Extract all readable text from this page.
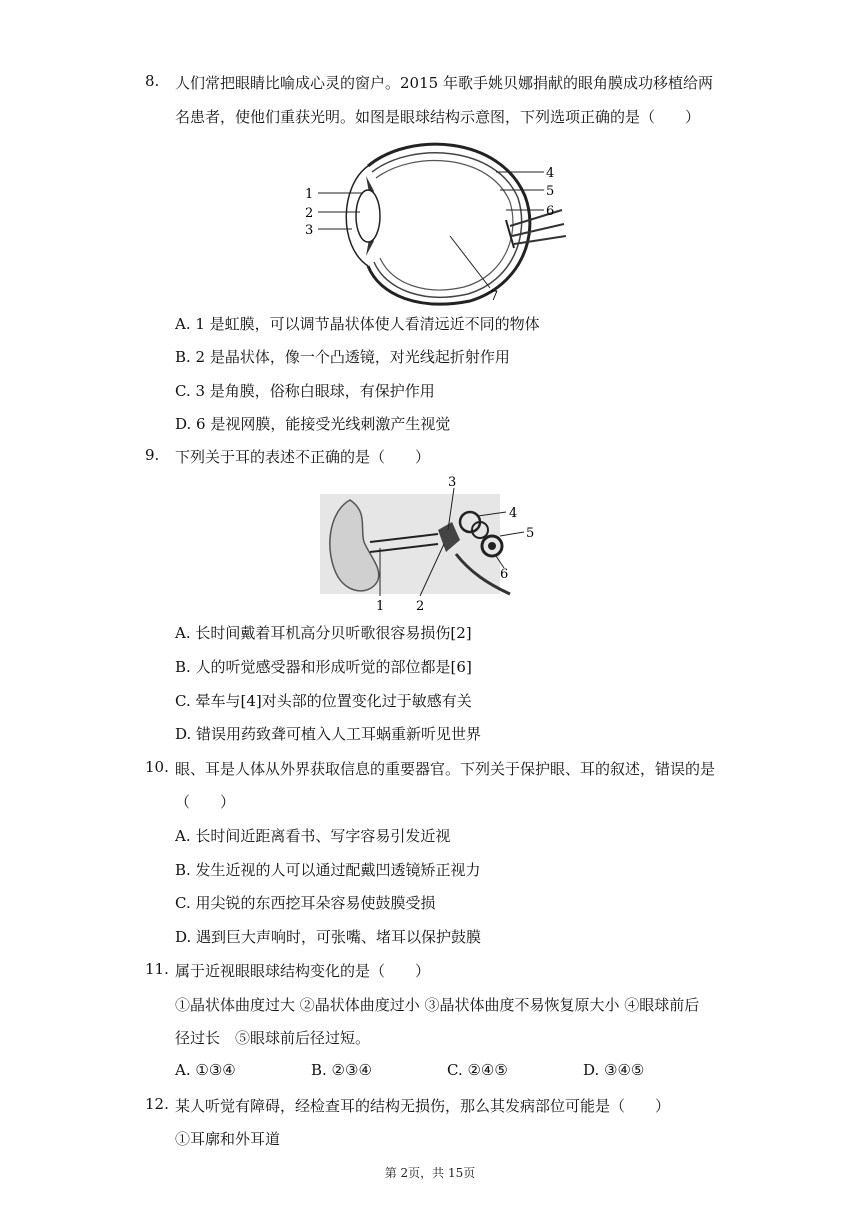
8. 人们常把眼睛比喻成心灵的窗户。2015 年歌手姚贝娜捐献的眼角膜成功移植给两
名患者，使他们重获光明。如图是眼球结构示意图，下列选项正确的是（　　）
1
2
3
4
5
6
7
A. 1 是虹膜，可以调节晶状体使人看清远近不同的物体
B. 2 是晶状体，像一个凸透镜，对光线起折射作用
C. 3 是角膜，俗称白眼球，有保护作用
D. 6 是视网膜，能接受光线刺激产生视觉
9. 下列关于耳的表述不正确的是（　　）
1 2
3
4
5
6
A. 长时间戴着耳机高分贝听歌很容易损伤[2]
B. 人的听觉感受器和形成听觉的部位都是[6]
C. 晕车与[4]对头部的位置变化过于敏感有关
D. 错误用药致聋可植入人工耳蜗重新听见世界
10. 眼、耳是人体从外界获取信息的重要器官。下列关于保护眼、耳的叙述，错误的是
（　　）
A. 长时间近距离看书、写字容易引发近视
B. 发生近视的人可以通过配戴凹透镜矫正视力
C. 用尖锐的东西挖耳朵容易使鼓膜受损
D. 遇到巨大声响时，可张嘴、堵耳以保护鼓膜
11. 属于近视眼眼球结构变化的是（　　）
①晶状体曲度过大 ②晶状体曲度过小 ③晶状体曲度不易恢复原大小 ④眼球前后
径过长　⑤眼球前后径过短。
A. ①③④	B. ②③④	C. ②④⑤	D. ③④⑤
12. 某人听觉有障碍，经检查耳的结构无损伤，那么其发病部位可能是（　　）
①耳廓和外耳道
第 2页，共 15页
